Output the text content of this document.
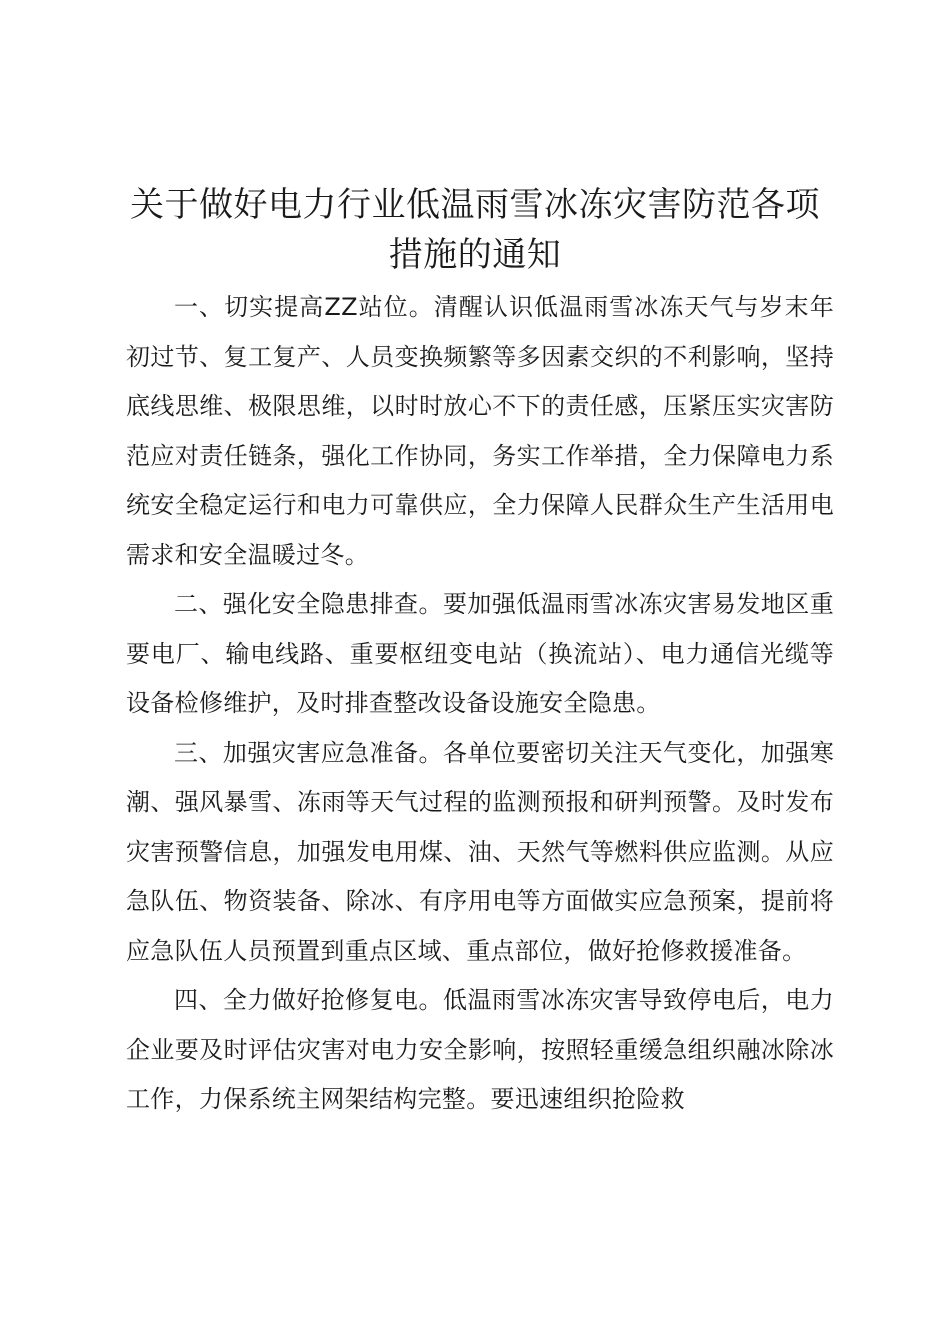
关于做好电力行业低温雨雪冰冻灾害防范各项措施的通知

一、切实提高ZZ站位。清醒认识低温雨雪冰冻天气与岁末年初过节、复工复产、人员变换频繁等多因素交织的不利影响，坚持底线思维、极限思维，以时时放心不下的责任感，压紧压实灾害防范应对责任链条，强化工作协同，务实工作举措，全力保障电力系统安全稳定运行和电力可靠供应，全力保障人民群众生产生活用电需求和安全温暖过冬。

二、强化安全隐患排查。要加强低温雨雪冰冻灾害易发地区重要电厂、输电线路、重要枢纽变电站（换流站）、电力通信光缆等设备检修维护，及时排查整改设备设施安全隐患。

三、加强灾害应急准备。各单位要密切关注天气变化，加强寒潮、强风暴雪、冻雨等天气过程的监测预报和研判预警。及时发布灾害预警信息，加强发电用煤、油、天然气等燃料供应监测。从应急队伍、物资装备、除冰、有序用电等方面做实应急预案，提前将应急队伍人员预置到重点区域、重点部位，做好抢修救援准备。

四、全力做好抢修复电。低温雨雪冰冻灾害导致停电后，电力企业要及时评估灾害对电力安全影响，按照轻重缓急组织融冰除冰工作，力保系统主网架结构完整。要迅速组织抢险救
